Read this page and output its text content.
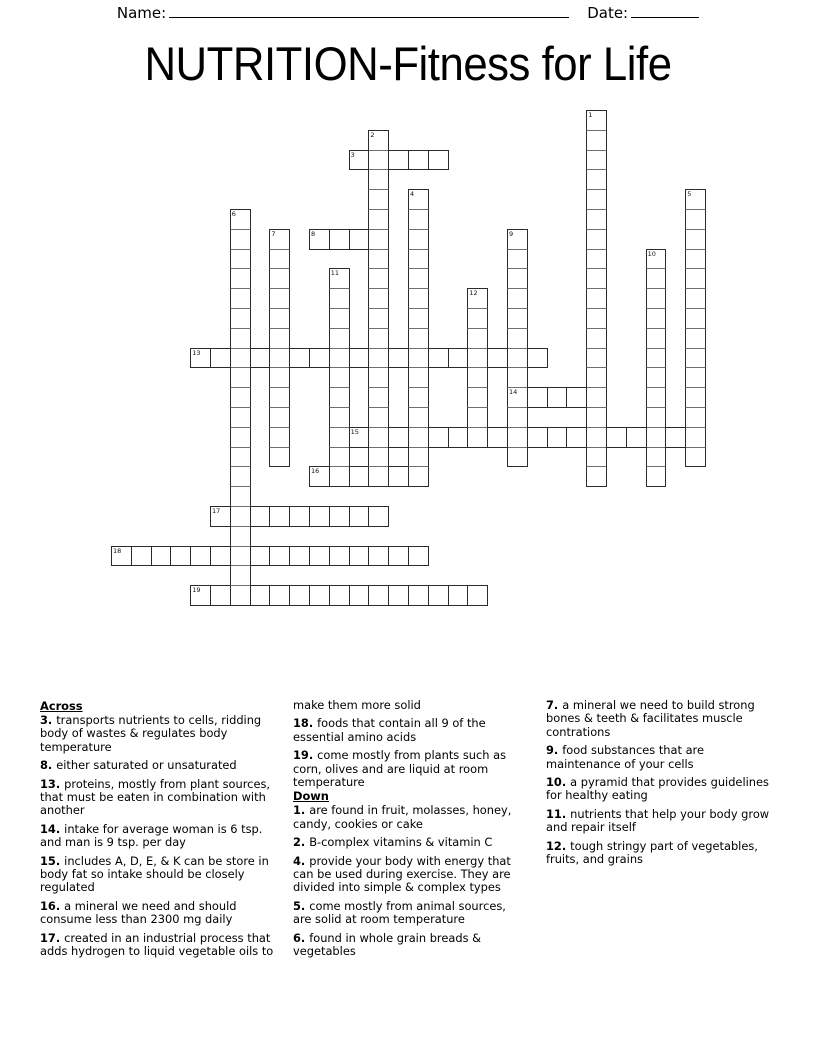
Name:	Date:
NUTRITION-Fitness for Life
1
2
3
4	5
6
7	8	9
14
10
11
12
13
15
16
17
18
19
Across
3. transports nutrients to cells, ridding body of wastes & regulates body temperature
8. either saturated or unsaturated
13. proteins, mostly from plant sources, that must be eaten in combination with another
14. intake for average woman is 6 tsp. and man is 9 tsp. per day
15. includes A, D, E, & K can be store in body fat so intake should be closely regulated
16. a mineral we need and should consume less than 2300 mg daily
17. created in an industrial process that adds hydrogen to liquid vegetable oils to make them more solid
18. foods that contain all 9 of the essential amino acids
19. come mostly from plants such as corn, olives and are liquid at room temperature
Down
1. are found in fruit, molasses, honey, candy, cookies or cake
2. B-complex vitamins & vitamin C
4. provide your body with energy that can be used during exercise. They are divided into simple & complex types
5. come mostly from animal sources, are solid at room temperature
6. found in whole grain breads & vegetables
7. a mineral we need to build strong bones & teeth & facilitates muscle contrations
9. food substances that are maintenance of your cells
10. a pyramid that provides guidelines for healthy eating
11. nutrients that help your body grow and repair itself
12. tough stringy part of vegetables, fruits, and grains
